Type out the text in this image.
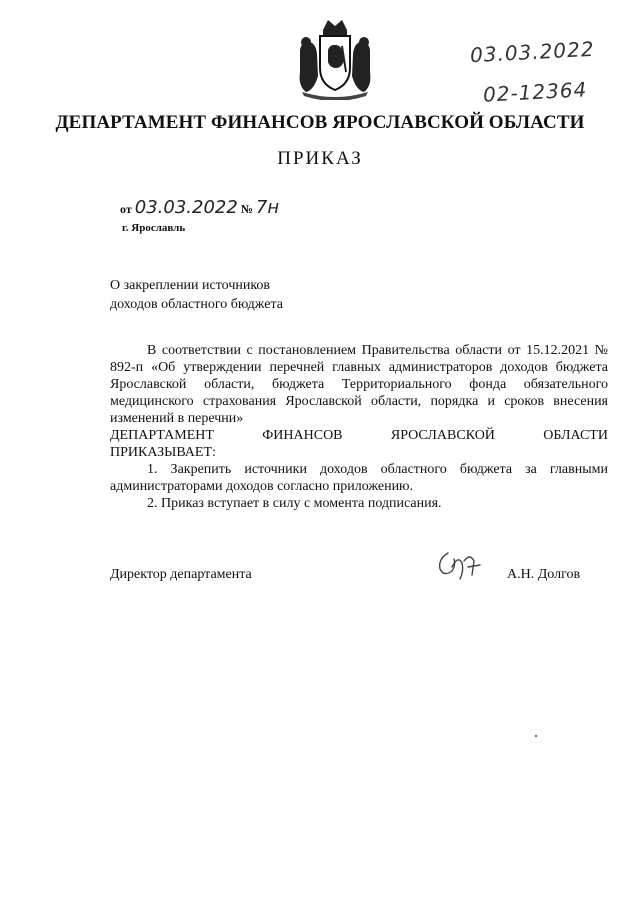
03.03.2022
02-12364
ДЕПАРТАМЕНТ ФИНАНСОВ ЯРОСЛАВСКОЙ ОБЛАСТИ
ПРИКАЗ
от 03.03.2022 № 7н
г. Ярославль
О закреплении источников
доходов областного бюджета

В соответствии с постановлением Правительства области от 15.12.2021 № 892-п «Об утверждении перечней главных администраторов доходов бюджета Ярославской области, бюджета Территориального фонда обязательного медицинского страхования Ярославской области, порядка и сроков внесения изменений в перечни»

ДЕПАРТАМЕНТ	ФИНАНСОВ	ЯРОСЛАВСКОЙ	ОБЛАСТИ

ПРИКАЗЫВАЕТ:

1. Закрепить источники доходов областного бюджета за главными администраторами доходов согласно приложению.

2. Приказ вступает в силу с момента подписания.

Директор департамента	А.Н. Долгов
